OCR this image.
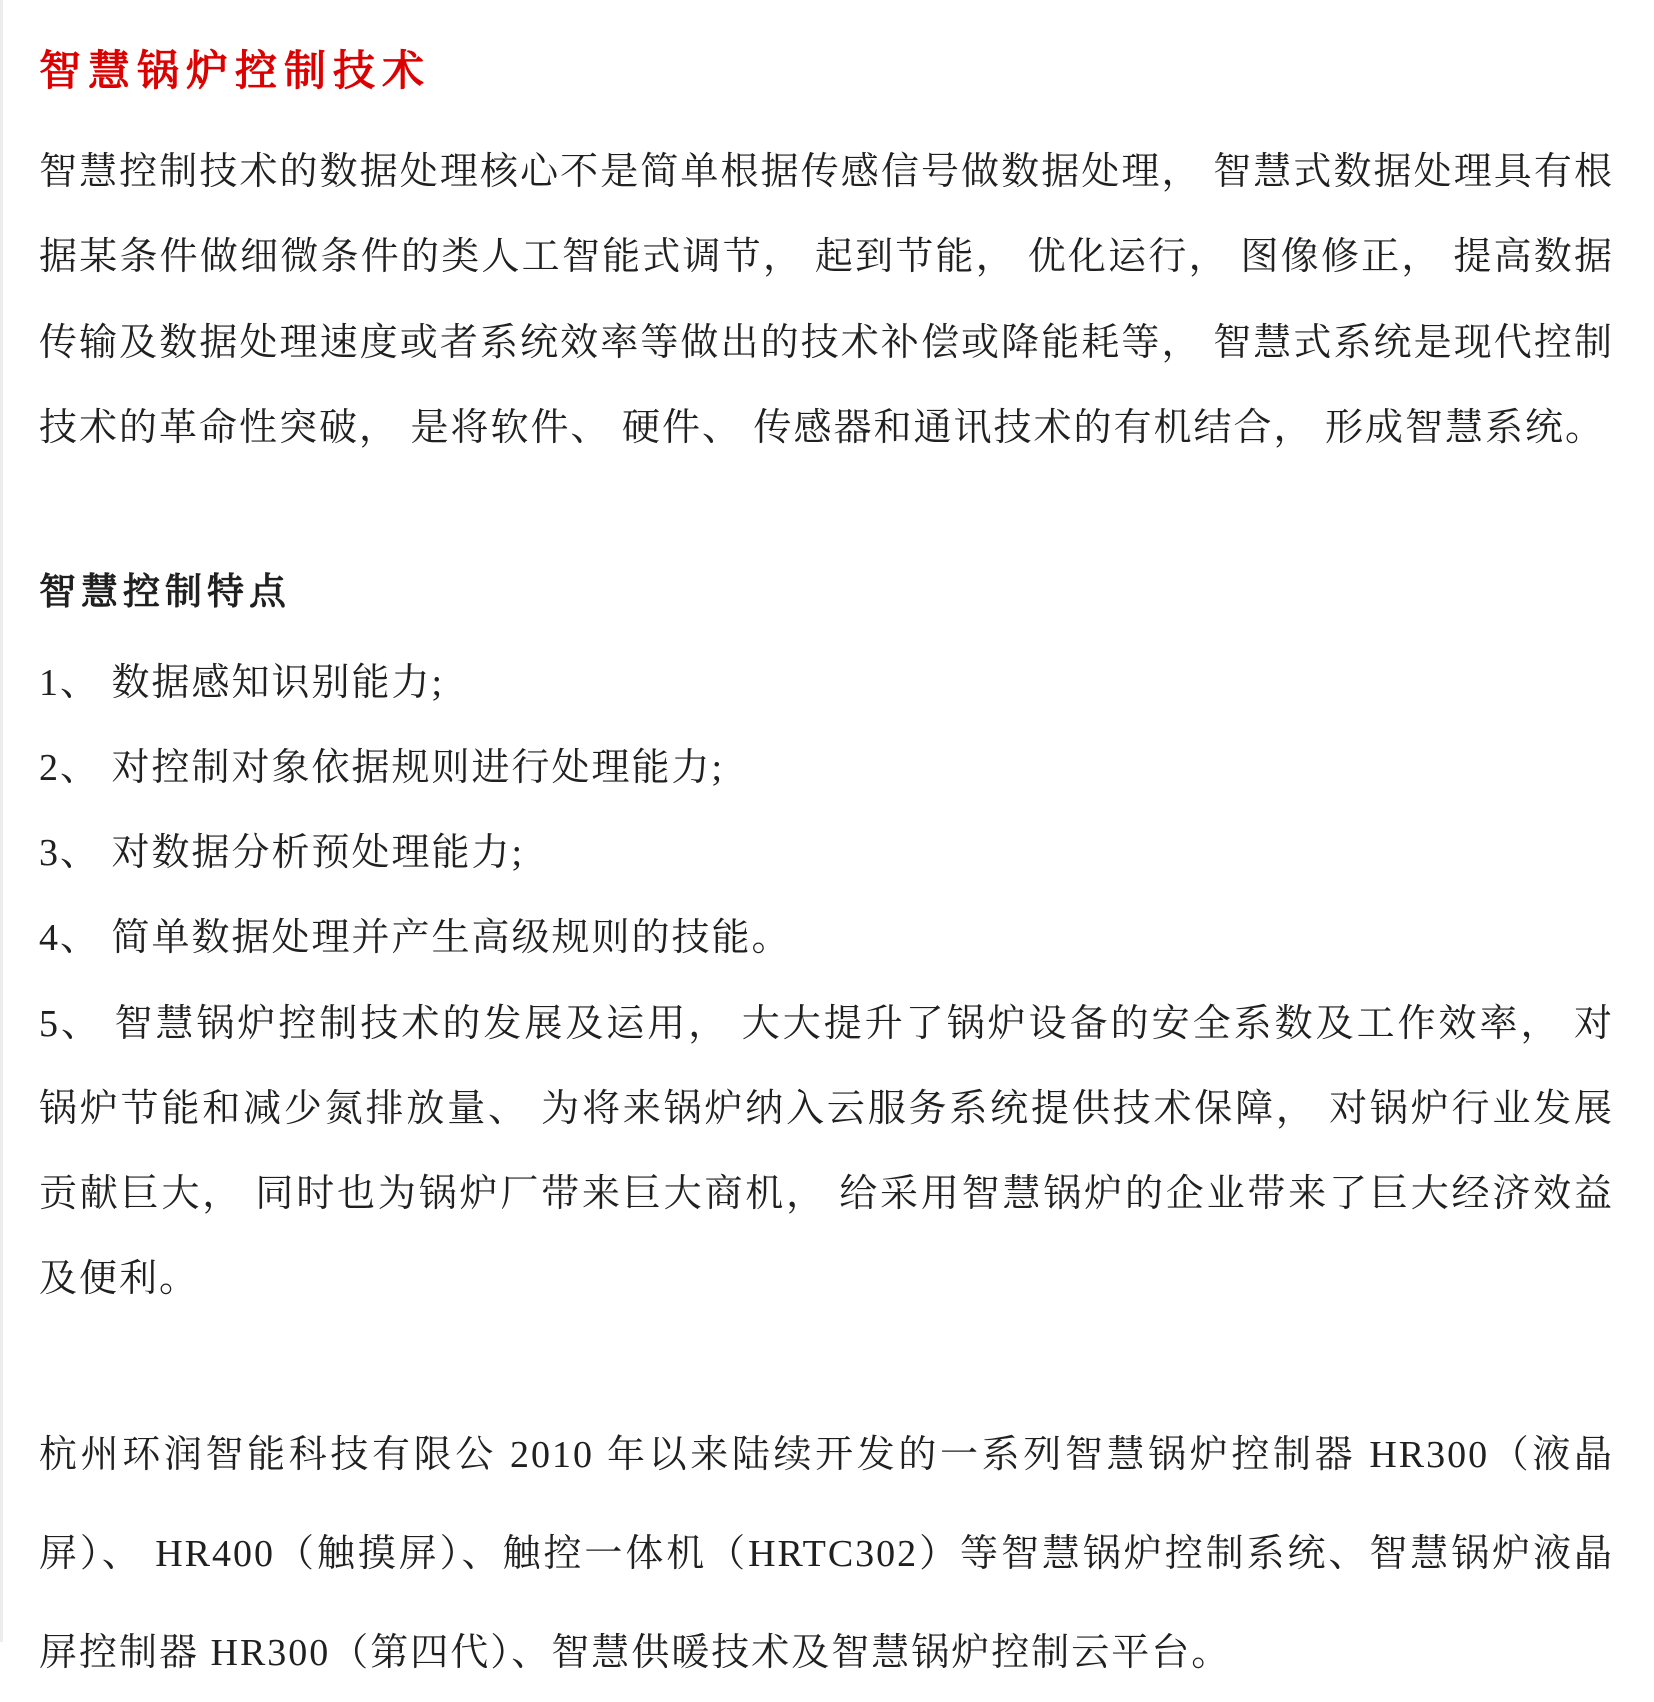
智慧锅炉控制技术

智慧控制技术的数据处理核心不是简单根据传感信号做数据处理， 智慧式数据处理具有根据某条件做细微条件的类人工智能式调节， 起到节能， 优化运行， 图像修正， 提高数据传输及数据处理速度或者系统效率等做出的技术补偿或降能耗等， 智慧式系统是现代控制技术的革命性突破， 是将软件、 硬件、 传感器和通讯技术的有机结合， 形成智慧系统。

智慧控制特点
1、 数据感知识别能力;
2、 对控制对象依据规则进行处理能力;
3、 对数据分析预处理能力;
4、 简单数据处理并产生高级规则的技能。
5、 智慧锅炉控制技术的发展及运用， 大大提升了锅炉设备的安全系数及工作效率， 对锅炉节能和减少氮排放量、 为将来锅炉纳入云服务系统提供技术保障， 对锅炉行业发展贡献巨大， 同时也为锅炉厂带来巨大商机， 给采用智慧锅炉的企业带来了巨大经济效益及便利。

杭州环润智能科技有限公 2010 年以来陆续开发的一系列智慧锅炉控制器 HR300（液晶屏）、 HR400（触摸屏）、触控一体机（HRTC302）等智慧锅炉控制系统、智慧锅炉液晶屏控制器 HR300（第四代）、智慧供暖技术及智慧锅炉控制云平台。
